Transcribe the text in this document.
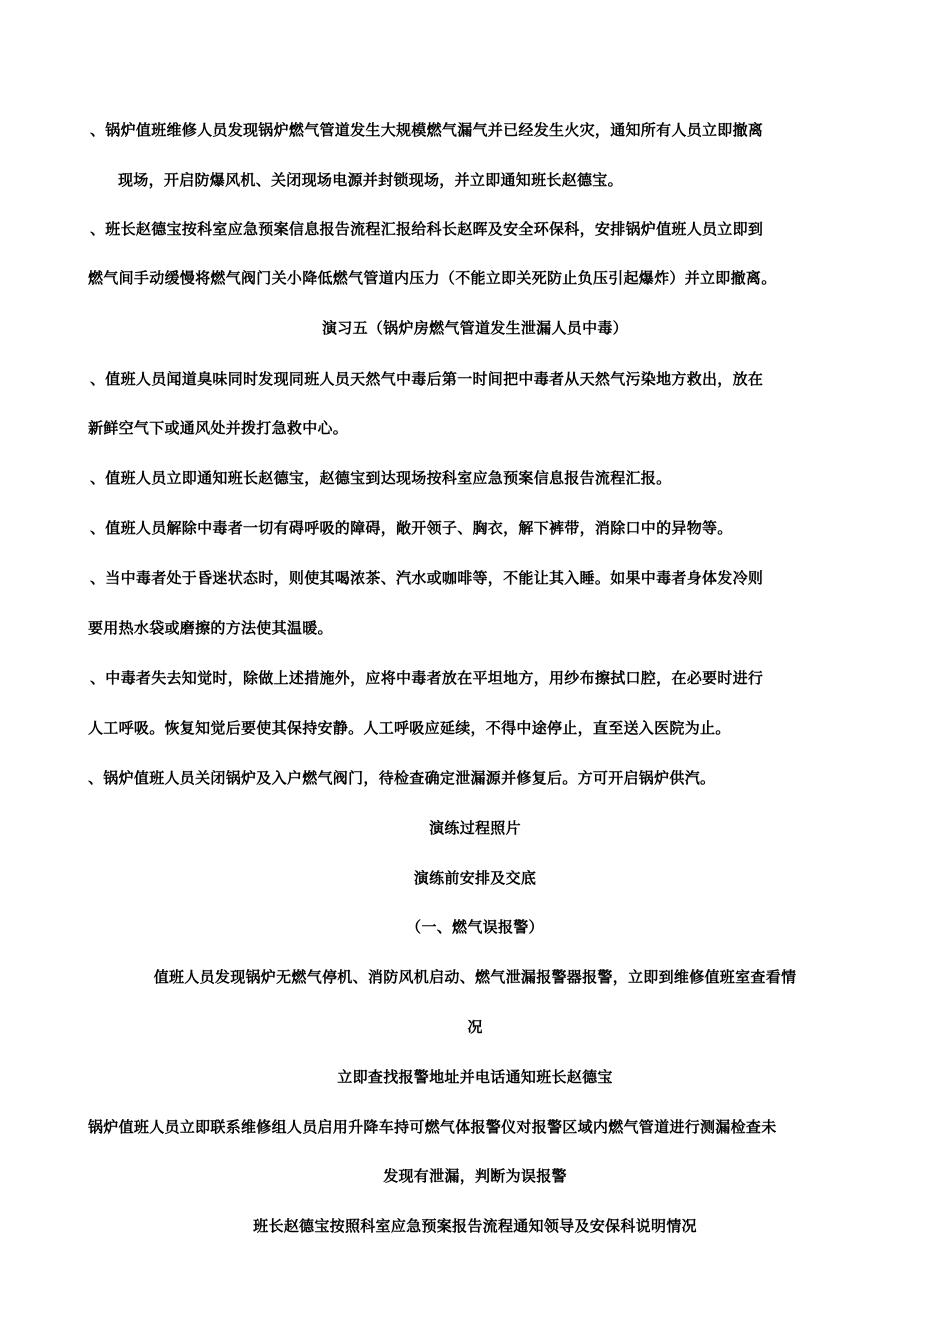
、锅炉值班维修人员发现锅炉燃气管道发生大规模燃气漏气并已经发生火灾，通知所有人员立即撤离
现场，开启防爆风机、关闭现场电源并封锁现场，并立即通知班长赵德宝。
、班长赵德宝按科室应急预案信息报告流程汇报给科长赵晖及安全环保科，安排锅炉值班人员立即到
燃气间手动缓慢将燃气阀门关小降低燃气管道内压力（不能立即关死防止负压引起爆炸）并立即撤离。
演习五（锅炉房燃气管道发生泄漏人员中毒）
、值班人员闻道臭味同时发现同班人员天然气中毒后第一时间把中毒者从天然气污染地方救出，放在
新鲜空气下或通风处并拨打急救中心。
、值班人员立即通知班长赵德宝，赵德宝到达现场按科室应急预案信息报告流程汇报。
、值班人员解除中毒者一切有碍呼吸的障碍，敞开领子、胸衣，解下裤带，消除口中的异物等。
、当中毒者处于昏迷状态时，则使其喝浓茶、汽水或咖啡等，不能让其入睡。如果中毒者身体发冷则
要用热水袋或磨擦的方法使其温暖。
、中毒者失去知觉时，除做上述措施外，应将中毒者放在平坦地方，用纱布擦拭口腔，在必要时进行
人工呼吸。恢复知觉后要使其保持安静。人工呼吸应延续，不得中途停止，直至送入医院为止。
、锅炉值班人员关闭锅炉及入户燃气阀门，待检查确定泄漏源并修复后。方可开启锅炉供汽。
演练过程照片
演练前安排及交底
（一、燃气误报警）
值班人员发现锅炉无燃气停机、消防风机启动、燃气泄漏报警器报警，立即到维修值班室查看情
况
立即查找报警地址并电话通知班长赵德宝
锅炉值班人员立即联系维修组人员启用升降车持可燃气体报警仪对报警区域内燃气管道进行测漏检查未
发现有泄漏，判断为误报警
班长赵德宝按照科室应急预案报告流程通知领导及安保科说明情况
